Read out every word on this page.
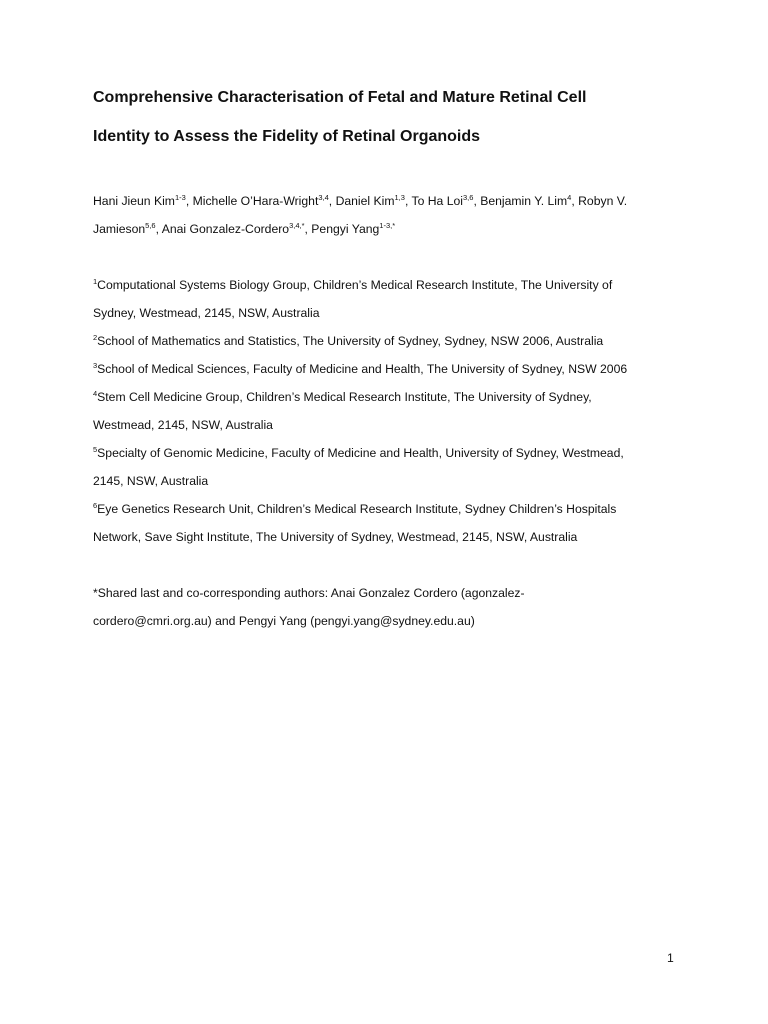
Comprehensive Characterisation of Fetal and Mature Retinal Cell
Identity to Assess the Fidelity of Retinal Organoids
Hani Jieun Kim$^{1-3}$, Michelle O’Hara-Wright$^{3,4}$, Daniel Kim$^{1,3}$, To Ha Loi$^{3,6}$, Benjamin Y. Lim$^4$, Robyn V.
Jamieson$^{5,6}$, Anai Gonzalez-Cordero$^{3,4,*}$, Pengyi Yang$^{1-3,*}$
$^1$Computational Systems Biology Group, Children’s Medical Research Institute, The University of
Sydney, Westmead, 2145, NSW, Australia
$^2$School of Mathematics and Statistics, The University of Sydney, Sydney, NSW 2006, Australia
$^3$School of Medical Sciences, Faculty of Medicine and Health, The University of Sydney, NSW 2006
$^4$Stem Cell Medicine Group, Children’s Medical Research Institute, The University of Sydney,
Westmead, 2145, NSW, Australia
$^5$Specialty of Genomic Medicine, Faculty of Medicine and Health, University of Sydney, Westmead,
2145, NSW, Australia
$^6$Eye Genetics Research Unit, Children’s Medical Research Institute, Sydney Children’s Hospitals
Network, Save Sight Institute, The University of Sydney, Westmead, 2145, NSW, Australia
*Shared last and co-corresponding authors: Anai Gonzalez Cordero (agonzalez-
cordero@cmri.org.au) and Pengyi Yang (pengyi.yang@sydney.edu.au)
1
